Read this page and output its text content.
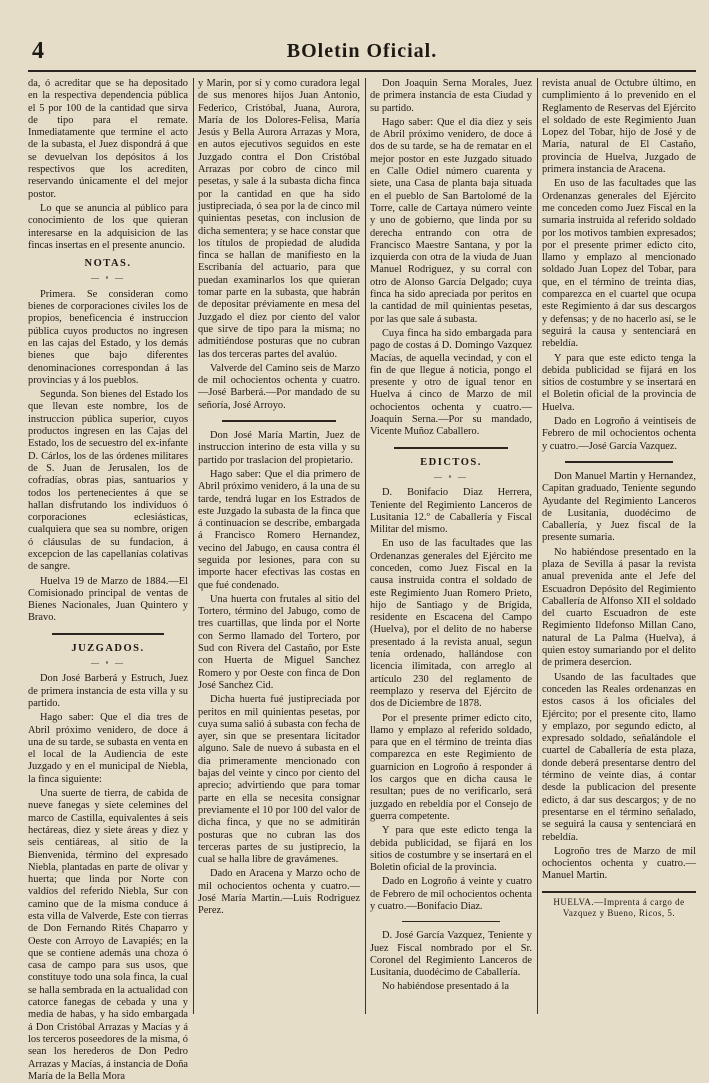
4	BOletin Oficial.

da, ó acreditar que se ha depositado en la respectiva dependencia pública el 5 por 100 de la cantidad que sirva de tipo para el remate. Inmediatamente que termine el acto de la subasta, el Juez dispondrá á que se devuelvan los depósitos á los respectivos que los acrediten, reservando únicamente el del mejor postor.

Lo que se anuncia al público para conocimiento de los que quieran interesarse en la adquisicion de las fincas insertas en el presente anuncio.

NOTAS.
— ∘ —

Primera. Se consideran como bienes de corporaciones civiles los de propios, beneficencia é instruccion pública cuyos productos no ingresen en las cajas del Estado, y los demás bienes que bajo diferentes denominaciones correspondan á las provincias y á los pueblos.

Segunda. Son bienes del Estado los que llevan este nombre, los de instruccion pública superior, cuyos productos ingresen en las Cajas del Estado, los de secuestro del ex-infante D. Cárlos, los de las órdenes militares de S. Juan de Jerusalen, los de cofradías, obras pias, santuarios y todos los pertenecientes á que se hallan disfrutando los individuos ó corporaciones eclesiásticas, cualquiera que sea su nombre, origen ó cláusulas de su fundacion, á excepcion de las capellanías colativas de sangre.

Huelva 19 de Marzo de 1884.—El Comisionado principal de ventas de Bienes Nacionales, Juan Quintero y Bravo.

JUZGADOS.
— ∘ —

Don José Barberá y Estruch, Juez de primera instancia de esta villa y su partido.

Hago saber: Que el dia tres de Abril próximo venidero, de doce á una de su tarde, se subasta en venta en el local de la Audiencia de este Juzgado y en el municipal de Niebla, la finca siguiente:

Una suerte de tierra, de cabida de nueve fanegas y siete celemines del marco de Castilla, equivalentes á seis hectáreas, diez y siete áreas y diez y seis centiáreas, al sitio de la Bienvenida, término del expresado Niebla, plantadas en parte de olivar y huerta; que linda por Norte con valdíos del referido Niebla, Sur con camino que de la misma conduce á esta villa de Valverde, Este con tierras de Don Fernando Rités Chaparro y Oeste con Arroyo de Lavapiés; en la que se contiene además una choza ó casa de campo para sus usos, que constituye todo una sola finca, la cual se halla sembrada en la actualidad con catorce fanegas de cebada y una y media de habas, y ha sido embargada á Don Cristóbal Arrazas y Macías y á los terceros poseedores de la misma, ó sean los herederos de Don Pedro Arrazas y Macías, á instancia de Doña María de la Bella Mora

y Marin, por sí y como curadora legal de sus menores hijos Juan Antonio, Federico, Cristóbal, Juana, Aurora, María de los Dolores-Felisa, María Jesús y Bella Aurora Arrazas y Mora, en autos ejecutivos seguidos en este Juzgado contra el Don Cristóbal Arrazas por cobro de cinco mil pesetas, y sale á la subasta dicha finca por la cantidad en que ha sido justipreciada, ó sea por la de cinco mil quinientas pesetas, con inclusion de dicha sementera; y se hace constar que los títulos de propiedad de aludida finca se hallan de manifiesto en la Escribanía del actuario, para que puedan examinarlos los que quieran tomar parte en la subasta, que habrán de depositar préviamente en mesa del Juzgado el diez por ciento del valor que sirve de tipo para la misma; no admitiéndose posturas que no cubran las dos terceras partes del avalúo.

Valverde del Camino seis de Marzo de mil ochocientos ochenta y cuatro.—José Barberá.—Por mandado de su señoría, José Arroyo.

Don José María Martin, Juez de instruccion interino de esta villa y su partido por traslacion del propietario.

Hago saber: Que el dia primero de Abril próximo venidero, á la una de su tarde, tendrá lugar en los Estrados de este Juzgado la subasta de la finca que á continuacion se describe, embargada á Francisco Romero Hernandez, vecino del Jabugo, en causa contra él seguida por lesiones, para con su importe hacer efectivas las costas en que fué condenado.

Una huerta con frutales al sitio del Tortero, término del Jabugo, como de tres cuartillas, que linda por el Norte con Sermo llamado del Tortero, por Sud con Rivera del Castaño, por Este con Huerta de Miguel Sanchez Romero y por Oeste con finca de Don José Sanchez Cid.

Dicha huerta fué justipreciada por peritos en mil quinientas pesetas, por cuya suma salió á subasta con fecha de ayer, sin que se presentara licitador alguno. Sale de nuevo á subasta en el dia primeramente mencionado con bajas del veinte y cinco por ciento del aprecio; advirtiendo que para tomar parte en ella se necesita consignar previamente el 10 por 100 del valor de dicha finca, y que no se admitirán posturas que no cubran las dos terceras partes de su justiprecio, la cual se halla libre de gravámenes.

Dado en Aracena y Marzo ocho de mil ochocientos ochenta y cuatro.—José María Martin.—Luis Rodriguez Perez.

Don Joaquin Serna Morales, Juez de primera instancia de esta Ciudad y su partido.

Hago saber: Que el dia diez y seis de Abril próximo venidero, de doce á dos de su tarde, se ha de rematar en el mejor postor en este Juzgado situado en Calle Odiel número cuarenta y siete, una Casa de planta baja situada en el pueblo de San Bartolomé de la Torre, calle de Cartaya número veinte y uno de gobierno, que linda por su derecha entrando con otra de Francisco Maestre Santana, y por la izquierda con otra de la viuda de Juan Manuel Rodriguez, y su corral con otro de Alonso García Delgado; cuya finca ha sido apreciada por peritos en la cantidad de mil quinientas pesetas, por las que sale á subasta.

Cuya finca ha sido embargada para pago de costas á D. Domingo Vazquez Macías, de aquella vecindad, y con el fin de que llegue á noticia, pongo el presente y otro de igual tenor en Huelva á cinco de Marzo de mil ochocientos ochenta y cuatro.—Joaquin Serna.—Por su mandado, Vicente Muñoz Caballero.

EDICTOS.
— ∘ —

D. Bonifacio Diaz Herrera, Teniente del Regimiento Lanceros de Lusitania 12.º de Caballería y Fiscal Militar del mismo.

En uso de las facultades que las Ordenanzas generales del Ejército me conceden, como Juez Fiscal en la causa instruida contra el soldado de este Regimiento Juan Romero Prieto, hijo de Santiago y de Brígida, residente en Escacena del Campo (Huelva), por el delito de no haberse presentado á la revista anual, segun tenía ordenado, hallándose con licencia ilimitada, con arreglo al artículo 230 del reglamento de reemplazo y reserva del Ejército de dos de Diciembre de 1878.

Por el presente primer edicto cito, llamo y emplazo al referido soldado, para que en el término de treinta dias comparezca en este Regimiento de guarnicion en Logroño á responder á los cargos que en dicha causa le resultan; pues de no verificarlo, será juzgado en rebeldía por el Consejo de guerra competente.

Y para que este edicto tenga la debida publicidad, se fijará en los sitios de costumbre y se insertará en el Boletin oficial de la provincia.

Dado en Logroño á veinte y cuatro de Febrero de mil ochocientos ochenta y cuatro.—Bonifacio Diaz.

D. José García Vazquez, Teniente y Juez Fiscal nombrado por el Sr. Coronel del Regimiento Lanceros de Lusitania, duodécimo de Caballería.

No habiéndose presentado á la

revista anual de Octubre último, en cumplimiento á lo prevenido en el Reglamento de Reservas del Ejército el soldado de este Regimiento Juan Lopez del Tobar, hijo de José y de María, natural de El Castaño, provincia de Huelva, Juzgado de primera instancia de Aracena.

En uso de las facultades que las Ordenanzas generales del Ejército me conceden como Juez Fiscal en la sumaria instruida al referido soldado por los motivos tambien expresados; por el presente primer edicto cito, llamo y emplazo al mencionado soldado Juan Lopez del Tobar, para que, en el término de treinta dias, comparezca en el cuartel que ocupa este Regimiento á dar sus descargos y defensas; y de no hacerlo así, se le seguirá la causa y sentenciará en rebeldía.

Y para que este edicto tenga la debida publicidad se fijará en los sitios de costumbre y se insertará en el Boletin oficial de la provincia de Huelva.

Dado en Logroño á veintiseis de Febrero de mil ochocientos ochenta y cuatro.—José García Vazquez.

Don Manuel Martin y Hernandez, Capitan graduado, Teniente segundo Ayudante del Regimiento Lanceros de Lusitania, duodécimo de Caballería, y Juez fiscal de la presente sumaria.

No habiéndose presentado en la plaza de Sevilla á pasar la revista anual prevenida ante el Jefe del Escuadron Depósito del Regimiento Caballería de Alfonso XII el soldado del cuarto Escuadron de este Regimiento Ildefonso Millan Cano, natural de La Palma (Huelva), á quien estoy sumariando por el delito de primera desercion.

Usando de las facultades que conceden las Reales ordenanzas en estos casos á los oficiales del Ejército; por el presente cito, llamo y emplazo, por segundo edicto, al expresado soldado, señalándole el cuartel de Caballería de esta plaza, donde deberá presentarse dentro del término de veinte dias, á contar desde la publicacion del presente edicto, á dar sus descargos; y de no presentarse en el término señalado, se seguirá la causa y sentenciará en rebeldía.

Logroño tres de Marzo de mil ochocientos ochenta y cuatro.—Manuel Martin.

HUELVA.—Imprenta á cargo de
Vazquez y Bueno, Ricos, 5.
